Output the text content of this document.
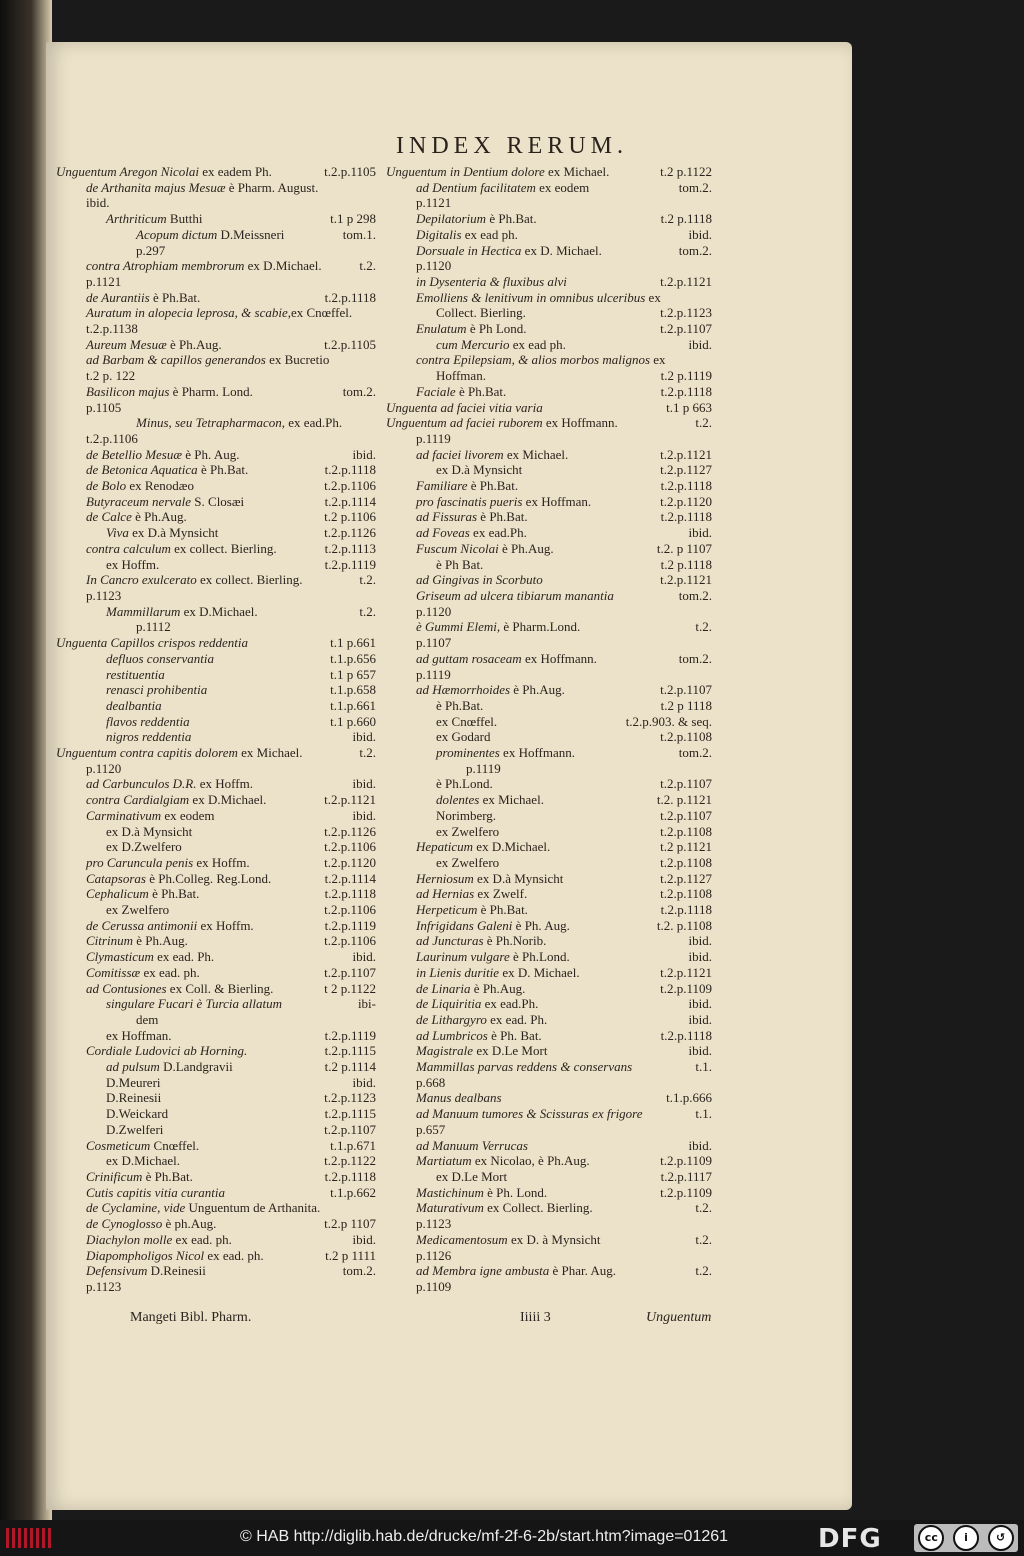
INDEX RERUM.
Unguentum Aregon Nicolai ex eadem Ph.	t.2.p.1105
de Arthanita majus Mesuæ è Pharm. August.
ibid.
Arthriticum Butthi	t.1 p 298
Acopum dictum D.Meissneri	tom.1.
p.297
contra Atrophiam membrorum ex D.Michael.	t.2.
p.1121
de Aurantiis è Ph.Bat.	t.2.p.1118
Auratum in alopecia leprosa, & scabie,ex Cnœffel.
t.2.p.1138
Aureum Mesuæ è Ph.Aug.	t.2.p.1105
ad Barbam & capillos generandos ex Bucretio
t.2 p. 122
Basilicon majus è Pharm. Lond.	tom.2.
p.1105
Minus, seu Tetrapharmacon, ex ead.Ph.
t.2.p.1106
de Betellio Mesuæ è Ph. Aug.	ibid.
de Betonica Aquatica è Ph.Bat.	t.2.p.1118
de Bolo ex Renodæo	t.2.p.1106
Butyraceum nervale S. Closæi	t.2.p.1114
de Calce è Ph.Aug.	t.2 p.1106
Viva ex D.à Mynsicht	t.2.p.1126
contra calculum ex collect. Bierling.	t.2.p.1113
ex Hoffm.	t.2.p.1119
In Cancro exulcerato ex collect. Bierling.	t.2.
p.1123
Mammillarum ex D.Michael.	t.2.
p.1112
Unguenta Capillos crispos reddentia	t.1 p.661
defluos conservantia	t.1.p.656
restituentia	t.1 p 657
renasci prohibentia	t.1.p.658
dealbantia	t.1.p.661
flavos reddentia	t.1 p.660
nigros reddentia	ibid.
Unguentum contra capitis dolorem ex Michael.	t.2.
p.1120
ad Carbunculos D.R. ex Hoffm.	ibid.
contra Cardialgiam ex D.Michael.	t.2.p.1121
Carminativum ex eodem	ibid.
ex D.à Mynsicht	t.2.p.1126
ex D.Zwelfero	t.2.p.1106
pro Caruncula penis ex Hoffm.	t.2.p.1120
Catapsoras è Ph.Colleg. Reg.Lond.	t.2.p.1114
Cephalicum è Ph.Bat.	t.2.p.1118
ex Zwelfero	t.2.p.1106
de Cerussa antimonii ex Hoffm.	t.2.p.1119
Citrinum è Ph.Aug.	t.2.p.1106
Clymasticum ex ead. Ph.	ibid.
Comitissæ ex ead. ph.	t.2.p.1107
ad Contusiones ex Coll. & Bierling.	t 2 p.1122
singulare Fucari è Turcia allatum	ibi-
dem
ex Hoffman.	t.2.p.1119
Cordiale Ludovici ab Horning.	t.2.p.1115
ad pulsum D.Landgravii	t.2 p.1114
D.Meureri	ibid.
D.Reinesii	t.2.p.1123
D.Weickard	t.2.p.1115
D.Zwelferi	t.2.p.1107
Cosmeticum Cnœffel.	t.1.p.671
ex D.Michael.	t.2.p.1122
Crinificum è Ph.Bat.	t.2.p.1118
Cutis capitis vitia curantia	t.1.p.662
de Cyclamine, vide Unguentum de Arthanita.
de Cynoglosso è ph.Aug.	t.2.p 1107
Diachylon molle ex ead. ph.	ibid.
Diapompholigos Nicol ex ead. ph.	t.2 p 1111
Defensivum D.Reinesii	tom.2.
p.1123
Unguentum in Dentium dolore ex Michael.	t.2 p.1122
ad Dentium facilitatem ex eodem	tom.2.
p.1121
Depilatorium è Ph.Bat.	t.2 p.1118
Digitalis ex ead ph.	ibid.
Dorsuale in Hectica ex D. Michael.	tom.2.
p.1120
in Dysenteria & fluxibus alvi	t.2.p.1121
Emolliens & lenitivum in omnibus ulceribus ex
Collect. Bierling.	t.2.p.1123
Enulatum è Ph Lond.	t.2.p.1107
cum Mercurio ex ead ph.	ibid.
contra Epilepsiam, & alios morbos malignos ex
Hoffman.	t.2 p.1119
Faciale è Ph.Bat.	t.2.p.1118
Unguenta ad faciei vitia varia	t.1 p 663
Unguentum ad faciei ruborem ex Hoffmann.	t.2.
p.1119
ad faciei livorem ex Michael.	t.2.p.1121
ex D.à Mynsicht	t.2.p.1127
Familiare è Ph.Bat.	t.2.p.1118
pro fascinatis pueris ex Hoffman.	t.2.p.1120
ad Fissuras è Ph.Bat.	t.2.p.1118
ad Foveas ex ead.Ph.	ibid.
Fuscum Nicolai è Ph.Aug.	t.2. p 1107
è Ph Bat.	t.2 p.1118
ad Gingivas in Scorbuto	t.2.p.1121
Griseum ad ulcera tibiarum manantia	tom.2.
p.1120
è Gummi Elemi, è Pharm.Lond.	t.2.
p.1107
ad guttam rosaceam ex Hoffmann.	tom.2.
p.1119
ad Hæmorrhoides è Ph.Aug.	t.2.p.1107
è Ph.Bat.	t.2 p 1118
ex Cnœffel.	t.2.p.903. & seq.
ex Godard	t.2.p.1108
prominentes ex Hoffmann.	tom.2.
p.1119
è Ph.Lond.	t.2.p.1107
dolentes ex Michael.	t.2. p.1121
Norimberg.	t.2.p.1107
ex Zwelfero	t.2.p.1108
Hepaticum ex D.Michael.	t.2 p.1121
ex Zwelfero	t.2.p.1108
Herniosum ex D.à Mynsicht	t.2.p.1127
ad Hernias ex Zwelf.	t.2.p.1108
Herpeticum è Ph.Bat.	t.2.p.1118
Infrigidans Galeni è Ph. Aug.	t.2. p.1108
ad Juncturas è Ph.Norib.	ibid.
Laurinum vulgare è Ph.Lond.	ibid.
in Lienis duritie ex D. Michael.	t.2.p.1121
de Linaria è Ph.Aug.	t.2.p.1109
de Liquiritia ex ead.Ph.	ibid.
de Lithargyro ex ead. Ph.	ibid.
ad Lumbricos è Ph. Bat.	t.2.p.1118
Magistrale ex D.Le Mort	ibid.
Mammillas parvas reddens & conservans	t.1.
p.668
Manus dealbans	t.1.p.666
ad Manuum tumores & Scissuras ex frigore	t.1.
p.657
ad Manuum Verrucas	ibid.
Martiatum ex Nicolao, è Ph.Aug.	t.2.p.1109
ex D.Le Mort	t.2.p.1117
Mastichinum è Ph. Lond.	t.2.p.1109
Maturativum ex Collect. Bierling.	t.2.
p.1123
Medicamentosum ex D. à Mynsicht	t.2.
p.1126
ad Membra igne ambusta è Phar. Aug.	t.2.
p.1109
Mangeti Bibl. Pharm.	Iiiii 3	Unguentum
© HAB http://diglib.hab.de/drucke/mf-2f-6-2b/start.htm?image=01261	DFG	cc	i	↺
